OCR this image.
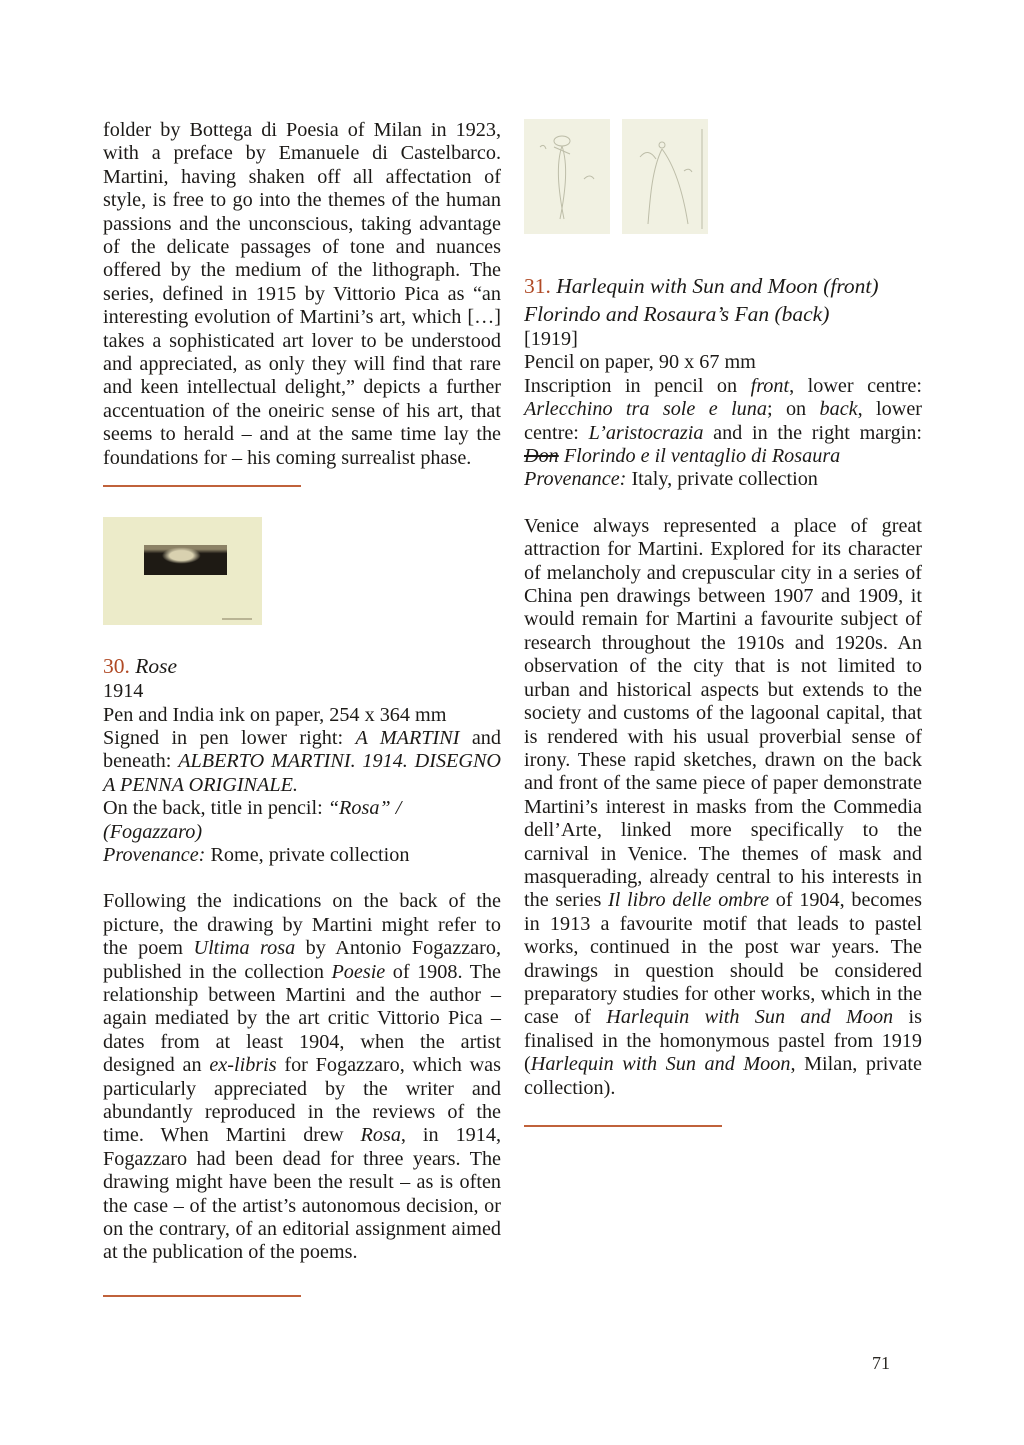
folder by Bottega di Poesia of Milan in 1923, with a preface by Emanuele di Castelbarco. Martini, having shaken off all affectation of style, is free to go into the themes of the human passions and the unconscious, taking advantage of the delicate passages of tone and nuances offered by the medium of the lithograph. The series, defined in 1915 by Vittorio Pica as “an interesting evolution of Martini’s art, which […] takes a sophisticated art lover to be understood and appreciated, as only they will find that rare and keen intellectual delight,” depicts a further accentuation of the oneiric sense of his art, that seems to herald – and at the same time lay the foundations for – his coming surrealist phase.

30. Rose

1914

Pen and India ink on paper, 254 x 364 mm

Signed in pen lower right: A MARTINI and beneath: ALBERTO MARTINI. 1914. DISEGNO A PENNA ORIGINALE.

On the back, title in pencil: “Rosa” / (Fogazzaro)

Provenance: Rome, private collection

Following the indications on the back of the picture, the drawing by Martini might refer to the poem Ultima rosa by Antonio Fogazzaro, published in the collection Poesie of 1908. The relationship between Martini and the author – again mediated by the art critic Vittorio Pica – dates from at least 1904, when the artist designed an ex-libris for Fogazzaro, which was particularly appreciated by the writer and abundantly reproduced in the reviews of the time. When Martini drew Rosa, in 1914, Fogazzaro had been dead for three years. The drawing might have been the result – as is often the case – of the artist’s autonomous decision, or on the contrary, of an editorial assignment aimed at the publication of the poems.

31. Harlequin with Sun and Moon (front)
Florindo and Rosaura’s Fan (back)

[1919]

Pencil on paper, 90 x 67 mm

Inscription in pencil on front, lower centre: Arlecchino tra sole e luna; on back, lower centre: L’aristocrazia and in the right margin: Don Florindo e il ventaglio di Rosaura

Provenance: Italy, private collection

Venice always represented a place of great attraction for Martini. Explored for its character of melancholy and crepuscular city in a series of China pen drawings between 1907 and 1909, it would remain for Martini a favourite subject of research throughout the 1910s and 1920s. An observation of the city that is not limited to urban and historical aspects but extends to the society and customs of the lagoonal capital, that is rendered with his usual proverbial sense of irony. These rapid sketches, drawn on the back and front of the same piece of paper demonstrate Martini’s interest in masks from the Commedia dell’Arte, linked more specifically to the carnival in Venice. The themes of mask and masquerading, already central to his interests in the series Il libro delle ombre of 1904, becomes in 1913 a favourite motif that leads to pastel works, continued in the post war years. The drawings in question should be considered preparatory studies for other works, which in the case of Harlequin with Sun and Moon is finalised in the homonymous pastel from 1919 (Harlequin with Sun and Moon, Milan, private collection).

71
